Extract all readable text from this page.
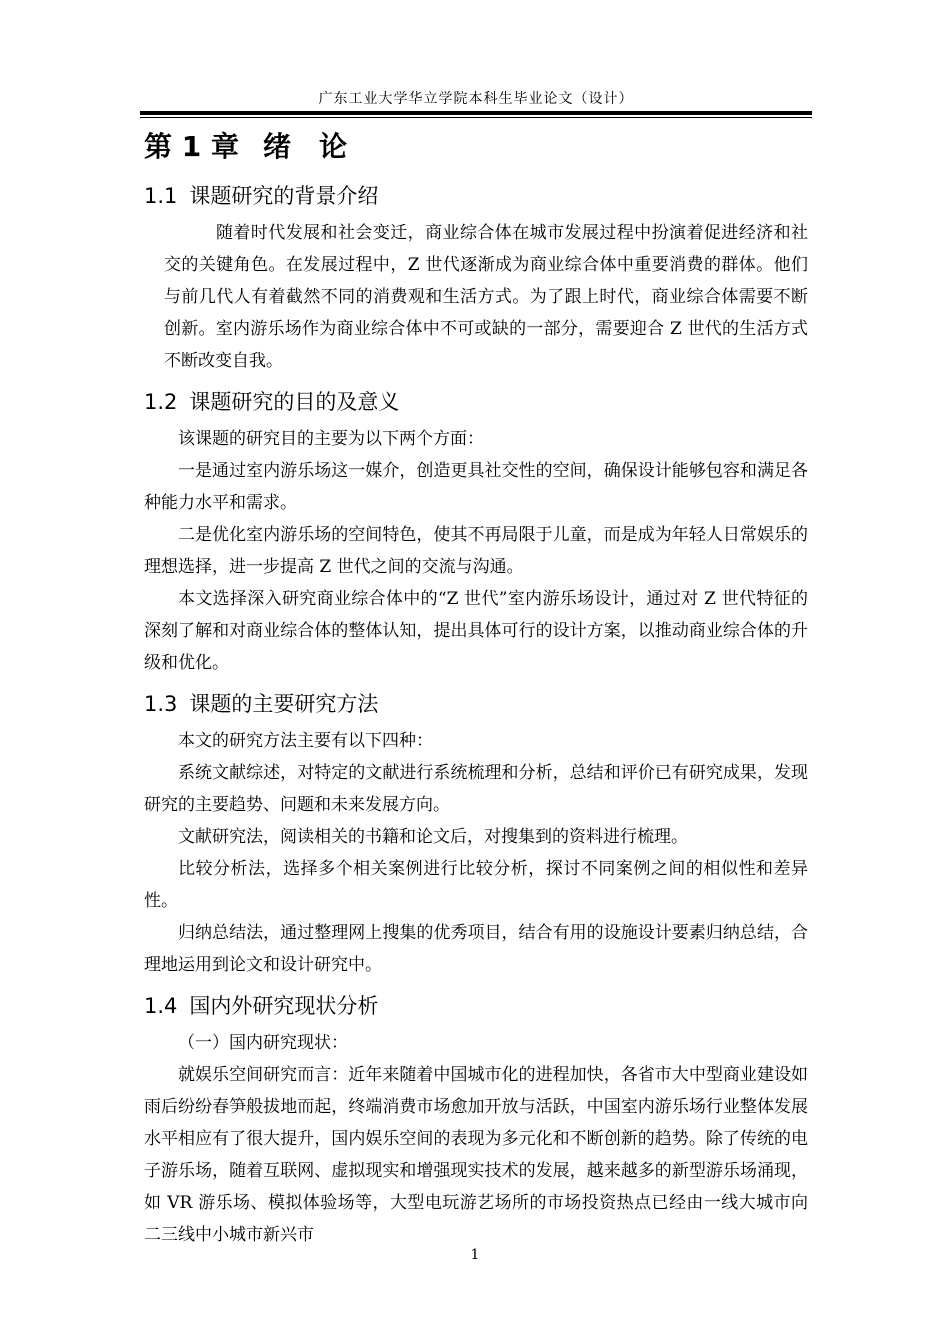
广东工业大学华立学院本科生毕业论文（设计）
第 1 章 绪　论
1.1 课题研究的背景介绍

随着时代发展和社会变迁，商业综合体在城市发展过程中扮演着促进经济和社交的关键角色。在发展过程中，Z 世代逐渐成为商业综合体中重要消费的群体。他们与前几代人有着截然不同的消费观和生活方式。为了跟上时代，商业综合体需要不断创新。室内游乐场作为商业综合体中不可或缺的一部分，需要迎合 Z 世代的生活方式不断改变自我。

1.2 课题研究的目的及意义

该课题的研究目的主要为以下两个方面：

一是通过室内游乐场这一媒介，创造更具社交性的空间，确保设计能够包容和满足各种能力水平和需求。

二是优化室内游乐场的空间特色，使其不再局限于儿童，而是成为年轻人日常娱乐的理想选择，进一步提高 Z 世代之间的交流与沟通。

本文选择深入研究商业综合体中的“Z 世代”室内游乐场设计，通过对 Z 世代特征的深刻了解和对商业综合体的整体认知，提出具体可行的设计方案，以推动商业综合体的升级和优化。

1.3 课题的主要研究方法

本文的研究方法主要有以下四种：

系统文献综述，对特定的文献进行系统梳理和分析，总结和评价已有研究成果，发现研究的主要趋势、问题和未来发展方向。

文献研究法，阅读相关的书籍和论文后，对搜集到的资料进行梳理。

比较分析法，选择多个相关案例进行比较分析，探讨不同案例之间的相似性和差异性。

归纳总结法，通过整理网上搜集的优秀项目，结合有用的设施设计要素归纳总结，合理地运用到论文和设计研究中。

1.4 国内外研究现状分析

（一）国内研究现状：

就娱乐空间研究而言：近年来随着中国城市化的进程加快，各省市大中型商业建设如雨后纷纷春笋般拔地而起，终端消费市场愈加开放与活跃，中国室内游乐场行业整体发展水平相应有了很大提升，国内娱乐空间的表现为多元化和不断创新的趋势。除了传统的电子游乐场，随着互联网、虚拟现实和增强现实技术的发展，越来越多的新型游乐场涌现，如 VR 游乐场、模拟体验场等，大型电玩游艺场所的市场投资热点已经由一线大城市向二三线中小城市新兴市

1
